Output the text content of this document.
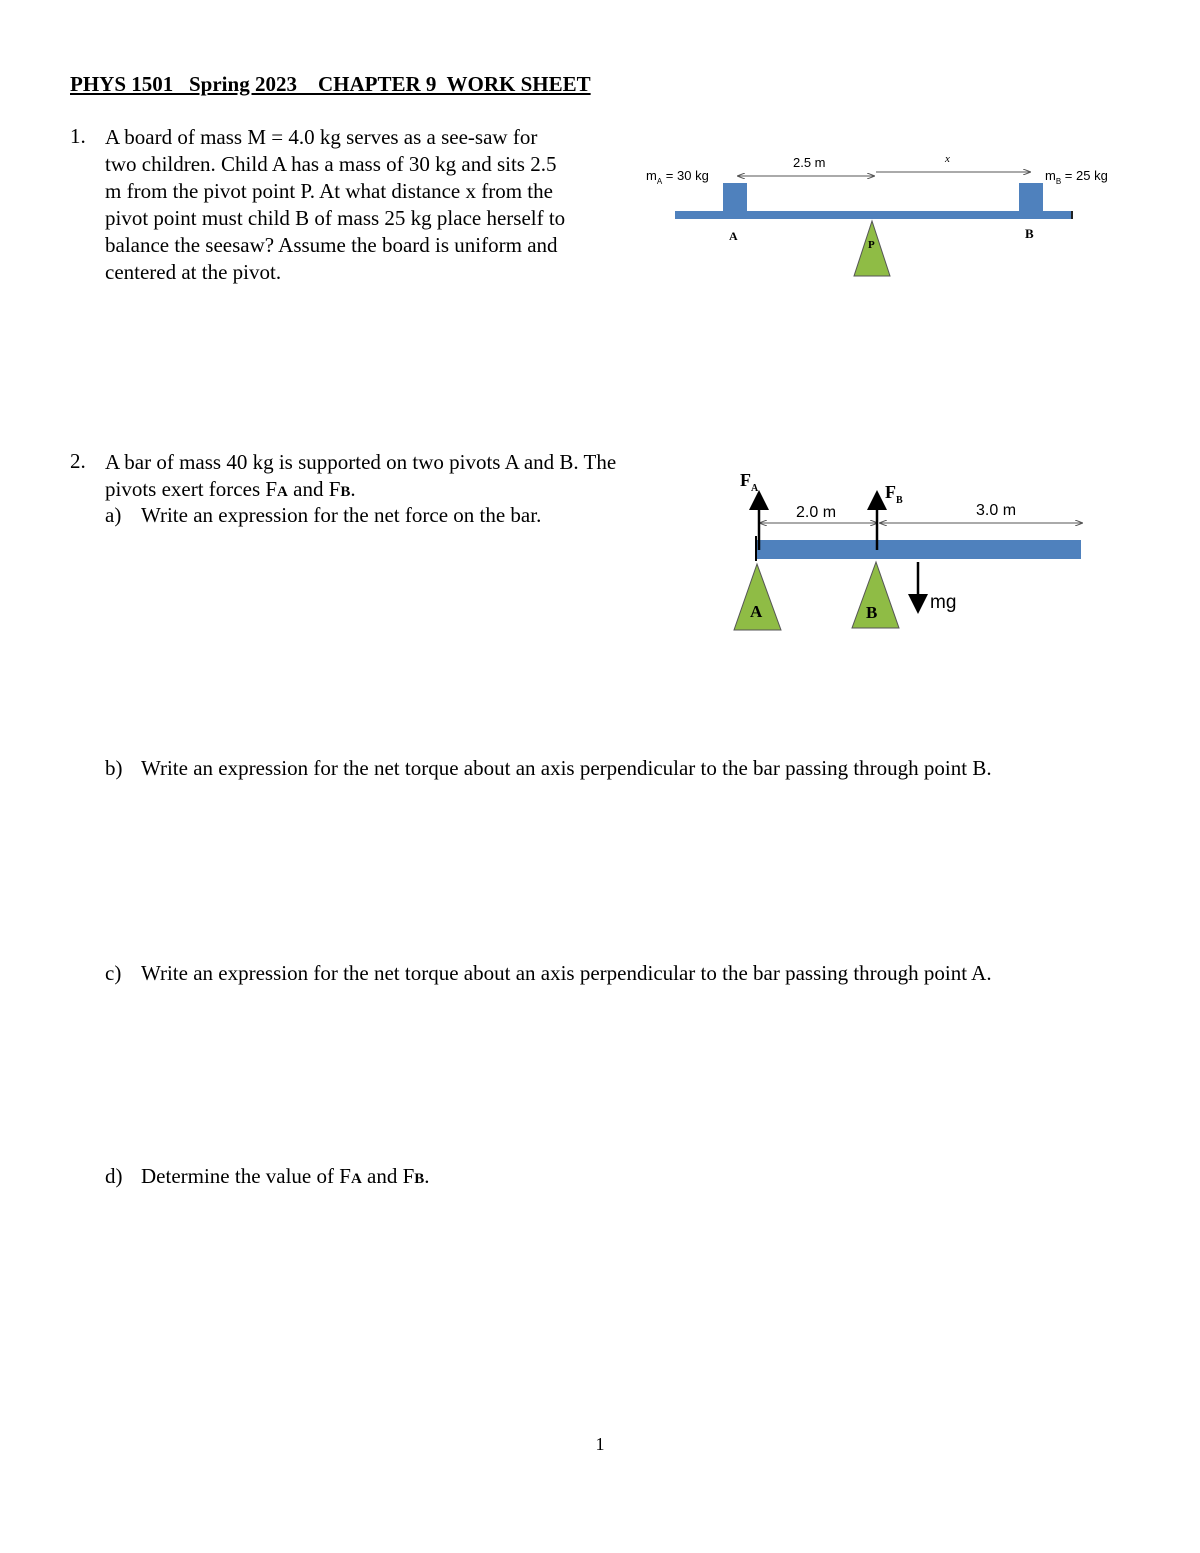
PHYS 1501   Spring 2023    CHAPTER 9  WORK SHEET
1. A board of mass M = 4.0 kg serves as a see-saw for
two children. Child A has a mass of 30 kg and sits 2.5
m from the pivot point P. At what distance x from the
pivot point must child B of mass 25 kg place herself to
balance the seesaw? Assume the board is uniform and
centered at the pivot.
$m_A = 30$ kg	$m_B = 25$ kg
2.5 m	x
P
A	B
2. A bar of mass 40 kg is supported on two pivots A and B. The
pivots exert forces FA and FB.
a) Write an expression for the net force on the bar.
$F_A$	$F_B$
2.0 m	3.0 m
mg
A	B
b) Write an expression for the net torque about an axis perpendicular to the bar passing through point B.
c) Write an expression for the net torque about an axis perpendicular to the bar passing through point A.
d) Determine the value of FA and FB.
1
